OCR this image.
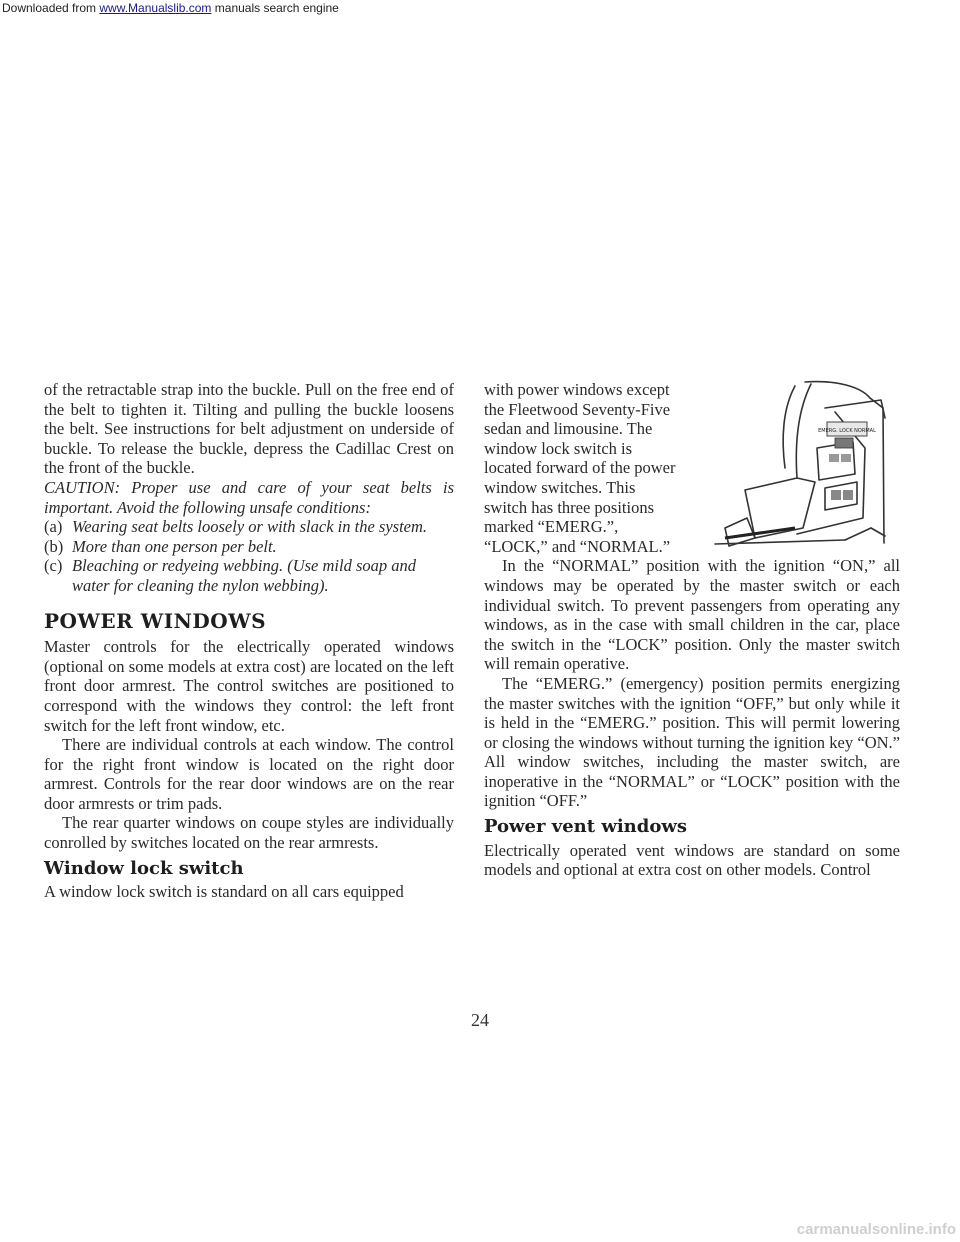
Downloaded from www.Manualslib.com manuals search engine

of the retractable strap into the buckle. Pull on the free end of the belt to tighten it. Tilting and pulling the buckle loosens the belt. See instructions for belt adjustment on underside of buckle. To release the buckle, depress the Cadillac Crest on the front of the buckle.

CAUTION: Proper use and care of your seat belts is important. Avoid the following unsafe conditions:

(a) Wearing seat belts loosely or with slack in the system.
(b) More than one person per belt.
(c) Bleaching or redyeing webbing. (Use mild soap and water for cleaning the nylon webbing).
POWER WINDOWS

Master controls for the electrically operated windows (optional on some models at extra cost) are located on the left front door armrest. The control switches are positioned to correspond with the windows they control: the left front switch for the left front window, etc.

There are individual controls at each window. The control for the right front window is located on the right door armrest. Controls for the rear door windows are on the rear door armrests or trim pads.

The rear quarter windows on coupe styles are individually conrolled by switches located on the rear armrests.

Window lock switch

A window lock switch is standard on all cars equipped

with power windows except the Fleetwood Seventy-Five sedan and limousine. The window lock switch is located forward of the power window switches. This switch has three positions marked “EMERG.”, “LOCK,” and “NORMAL.”

EMERG. LOCK NORMAL

In the “NORMAL” position with the ignition “ON,” all windows may be operated by the master switch or each individual switch. To prevent passengers from operating any windows, as in the case with small children in the car, place the switch in the “LOCK” position. Only the master switch will remain operative.

The “EMERG.” (emergency) position permits energizing the master switches with the ignition “OFF,” but only while it is held in the “EMERG.” position. This will permit lowering or closing the windows without turning the ignition key “ON.” All window switches, including the master switch, are inoperative in the “NORMAL” or “LOCK” position with the ignition “OFF.”

Power vent windows

Electrically operated vent windows are standard on some models and optional at extra cost on other models. Control

24
carmanualsonline.info
